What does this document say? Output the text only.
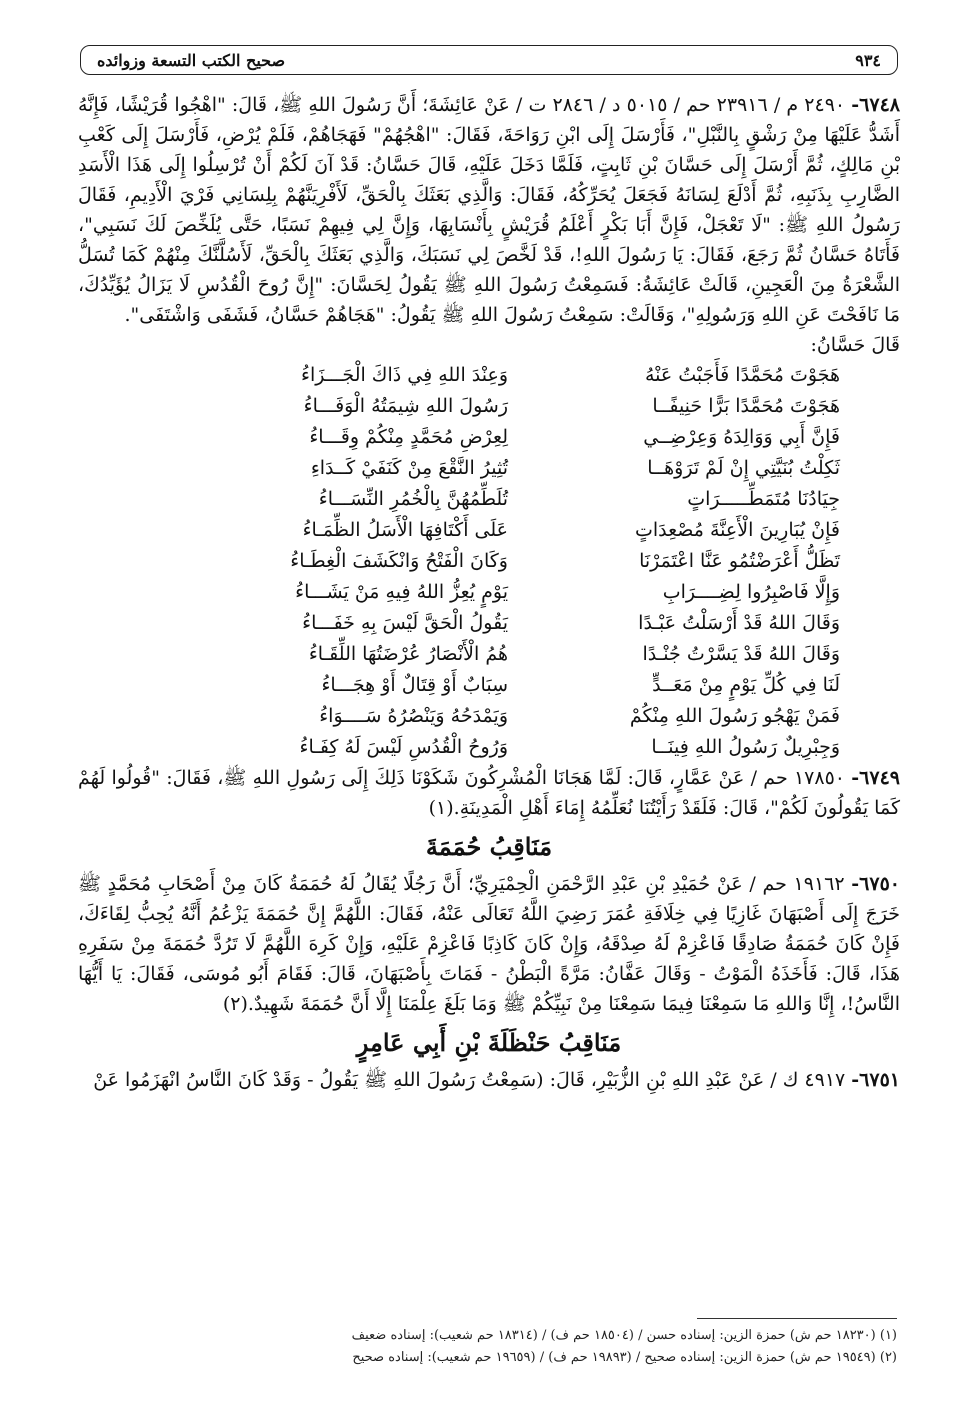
٩٣٤
صحيح الكتب التسعة وزوائده

٦٧٤٨- ٢٤٩٠ م / ٢٣٩١٦ حم / ٥٠١٥ د / ٢٨٤٦ ت / عَنْ عَائِشَةَ؛ أَنَّ رَسُولَ اللهِ ﷺ، قَالَ: "اهْجُوا قُرَيْشًا، فَإِنَّهُ أَشَدُّ عَلَيْهَا مِنْ رَشْقٍ بِالنَّبْلِ"، فَأَرْسَلَ إِلَى ابْنِ رَوَاحَةَ، فَقَالَ: "اهْجُهُمْ" فَهَجَاهُمْ، فَلَمْ يُرْضِ، فَأَرْسَلَ إِلَى كَعْبِ بْنِ مَالِكٍ، ثُمَّ أَرْسَلَ إِلَى حَسَّانَ بْنِ ثَابِتٍ، فَلَمَّا دَخَلَ عَلَيْهِ، قَالَ حَسَّانُ: قَدْ آنَ لَكُمْ أَنْ تُرْسِلُوا إِلَى هَذَا الْأَسَدِ الضَّارِبِ بِذَنَبِهِ، ثُمَّ أَدْلَعَ لِسَانَهُ فَجَعَلَ يُحَرِّكُهُ، فَقَالَ: وَالَّذِي بَعَثَكَ بِالْحَقِّ، لَأَفْرِيَنَّهُمْ بِلِسَانِي فَرْيَ الْأَدِيمِ، فَقَالَ رَسُولُ اللهِ ﷺ: "لَا تَعْجَلْ، فَإِنَّ أَبَا بَكْرٍ أَعْلَمُ قُرَيْشٍ بِأَنْسَابِهَا، وَإِنَّ لِي فِيهِمْ نَسَبًا، حَتَّى يُلَخِّصَ لَكَ نَسَبِي"، فَأَتَاهُ حَسَّانُ ثُمَّ رَجَعَ، فَقَالَ: يَا رَسُولَ اللهِ!، قَدْ لَخَّصَ لِي نَسَبَكَ، وَالَّذِي بَعَثَكَ بِالْحَقِّ، لَأَسُلَّنَّكَ مِنْهُمْ كَمَا تُسَلُّ الشَّعْرَةُ مِنَ الْعَجِينِ، قَالَتْ عَائِشَةُ: فَسَمِعْتُ رَسُولَ اللهِ ﷺ يَقُولُ لِحَسَّانَ: "إِنَّ رُوحَ الْقُدُسِ لَا يَزَالُ يُؤَيِّدُكَ، مَا نَافَحْتَ عَنِ اللهِ وَرَسُولِهِ"، وَقَالَتْ: سَمِعْتُ رَسُولَ اللهِ ﷺ يَقُولُ: "هَجَاهُمْ حَسَّانُ، فَشَفَى وَاشْتَفَى".

قَالَ حَسَّانُ:

هَجَوْتَ مُحَمَّدًا فَأَجَبْتُ عَنْهُ
وَعِنْدَ اللهِ فِي ذَاكَ الْجَـــزَاءُ
هَجَوْتَ مُحَمَّدًا بَرًّا حَنِيفًــا
رَسُولَ اللهِ شِيمَتُهُ الْوَفَـــاءُ
فَإِنَّ أَبِي وَوَالِدَهُ وَعِرْضِــي
لِعِرْضِ مُحَمَّدٍ مِنْكُمْ وِقَـــاءُ
ثَكِلْتُ بُنَيَّتِي إِنْ لَمْ تَرَوْهَــا
تُثِيرُ النَّقْعَ مِنْ كَنَفَيْ كَــدَاءِ
جِيَادُنَا مُتَمَطِّـــــرَاتٍ
تُلَطِّمُهُنَّ بِالْخُمُرِ النِّسَـــاءُ
فَإِنْ يُبَارِينَ الْأَعِنَّةَ مُصْعِدَاتٍ
عَلَى أَكْتَافِهَا الْأَسَلُ الظِّمَـاءُ
تَظَلُّ أَعْرَضْتُمُو عَنَّا اعْتَمَرْنَا
وَكَانَ الْفَتْحُ وَانْكَشَفَ الْغِطَـاءُ
وَإِلَّا فَاصْبِرُوا لِضِــــرَابِ
يَوْمٍ يُعِزُّ اللهُ فِيهِ مَنْ يَشَـــاءُ
وَقَالَ اللهُ قَدْ أَرْسَلْتُ عَبْـدًا
يَقُولُ الْحَقَّ لَيْسَ بِهِ خَفَـــاءُ
وَقَالَ اللهُ قَدْ يَسَّرْتُ جُنْـدًا
هُمُ الْأَنْصَارُ عُرْضَتُهَا اللِّقَـاءُ
لَنَا فِي كُلِّ يَوْمٍ مِنْ مَعَــدٍّ
سِبَابٌ أَوْ قِتَالٌ أَوْ هِجَـــاءُ
فَمَنْ يَهْجُو رَسُولَ اللهِ مِنْكُمْ
وَيَمْدَحُهُ وَيَنْصُرُهُ سَــــوَاءُ
وَجِبْرِيلٌ رَسُولُ اللهِ فِينَــا
وَرُوحُ الْقُدُسِ لَيْسَ لَهُ كِفَـاءُ

٦٧٤٩- ١٧٨٥٠ حم / عَنْ عَمَّارٍ، قَالَ: لَمَّا هَجَانَا الْمُشْرِكُونَ شَكَوْنَا ذَلِكَ إِلَى رَسُولِ اللهِ ﷺ، فَقَالَ: "قُولُوا لَهُمْ كَمَا يَقُولُونَ لَكُمْ"، قَالَ: فَلَقَدْ رَأَيْتُنَا نُعَلِّمُهُ إِمَاءَ أَهْلِ الْمَدِينَةِ.(١)

مَنَاقِبُ حُمَمَةَ

٦٧٥٠- ١٩١٦٢ حم / عَنْ حُمَيْدِ بْنِ عَبْدِ الرَّحْمَنِ الْحِمْيَرِيِّ؛ أَنَّ رَجُلًا يُقَالُ لَهُ حُمَمَةُ كَانَ مِنْ أَصْحَابِ مُحَمَّدٍ ﷺ خَرَجَ إِلَى أَصْبَهَانَ غَازِيًا فِي خِلَافَةِ عُمَرَ رَضِيَ اللَّهُ تَعَالَى عَنْهُ، فَقَالَ: اللَّهُمَّ إِنَّ حُمَمَةَ يَزْعُمُ أَنَّهُ يُحِبُّ لِقَاءَكَ، فَإِنْ كَانَ حُمَمَةُ صَادِقًا فَاعْزِمْ لَهُ صِدْقَهُ، وَإِنْ كَانَ كَاذِبًا فَاعْزِمْ عَلَيْهِ، وَإِنْ كَرِهَ اللَّهُمَّ لَا تَرُدَّ حُمَمَةَ مِنْ سَفَرِهِ هَذَا، قَالَ: فَأَخَذَهُ الْمَوْتُ - وَقَالَ عَفَّانُ: مَرَّةً الْبَطْنُ - فَمَاتَ بِأَصْبَهَانَ، قَالَ: فَقَامَ أَبُو مُوسَى، فَقَالَ: يَا أَيُّهَا النَّاسُ!، إِنَّا وَاللهِ مَا سَمِعْنَا فِيمَا سَمِعْنَا مِنْ نَبِيِّكُمْ ﷺ وَمَا بَلَغَ عِلْمَنَا إِلَّا أَنَّ حُمَمَةَ شَهِيدٌ.(٢)

مَنَاقِبُ حَنْظَلَةَ بْنِ أَبِي عَامِرٍ

٦٧٥١- ٤٩١٧ ك / عَنْ عَبْدِ اللهِ بْنِ الزُّبَيْرِ، قَالَ: (سَمِعْتُ رَسُولَ اللهِ ﷺ يَقُولُ - وَقَدْ كَانَ النَّاسُ انْهَزَمُوا عَنْ

(١) (١٨٢٣٠ حم ش) حمزة الزين: إسناده حسن / (١٨٥٠٤ حم ف) / (١٨٣١٤ حم شعيب): إسناده ضعيف

(٢) (١٩٥٤٩ حم ش) حمزة الزين: إسناده صحيح / (١٩٨٩٣ حم ف) / (١٩٦٥٩ حم شعيب): إسناده صحيح
